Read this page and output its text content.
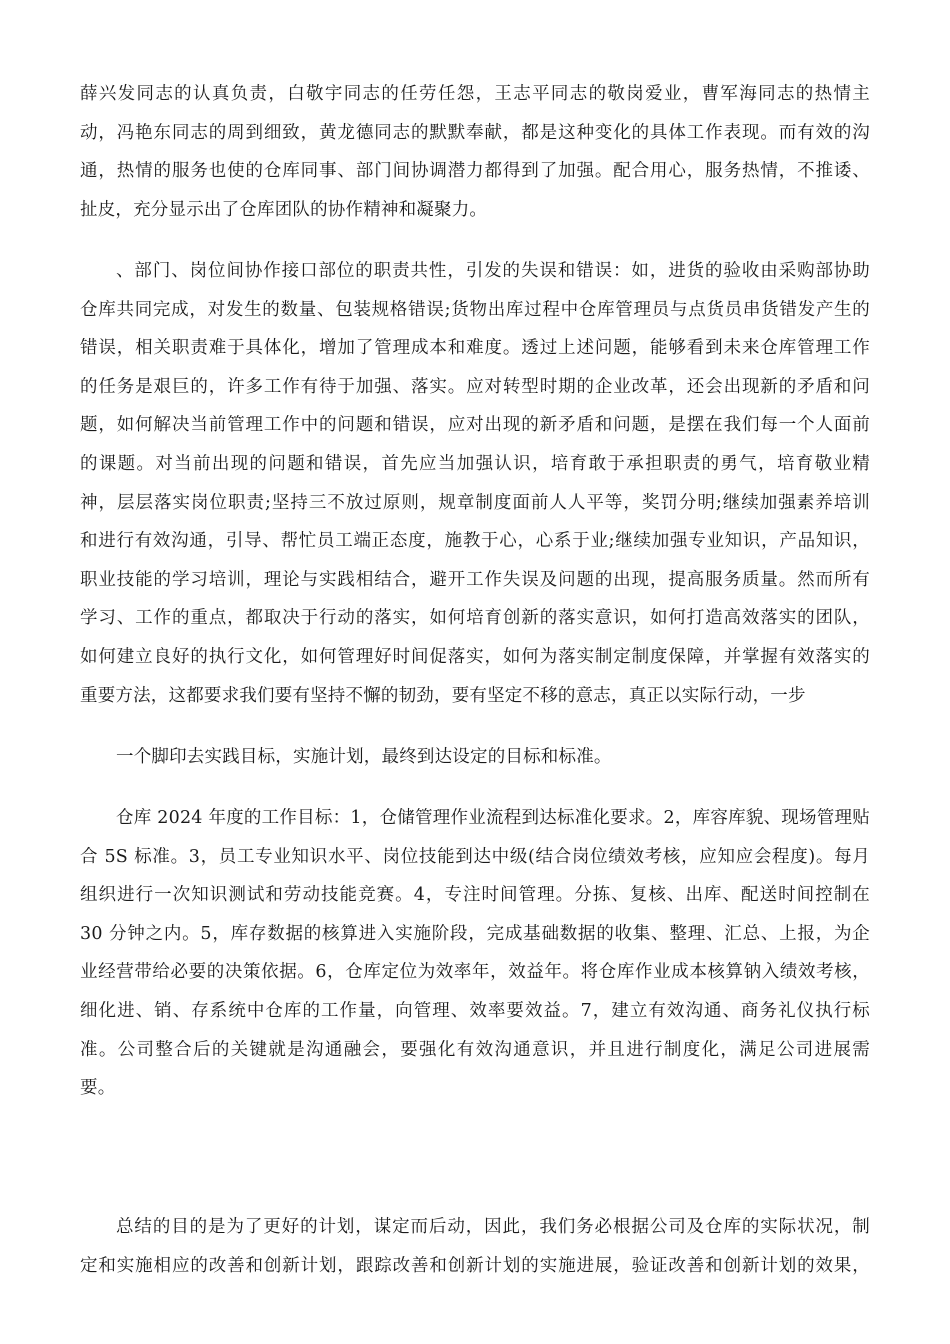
薛兴发同志的认真负责，白敬宇同志的任劳任怨，王志平同志的敬岗爱业，曹军海同志的热情主
动，冯艳东同志的周到细致，黄龙德同志的默默奉献，都是这种变化的具体工作表现。而有效的沟
通，热情的服务也使的仓库同事、部门间协调潜力都得到了加强。配合用心，服务热情，不推诿、
扯皮，充分显示出了仓库团队的协作精神和凝聚力。
、部门、岗位间协作接口部位的职责共性，引发的失误和错误：如，进货的验收由采购部协助
仓库共同完成，对发生的数量、包装规格错误;货物出库过程中仓库管理员与点货员串货错发产生的
错误，相关职责难于具体化，增加了管理成本和难度。透过上述问题，能够看到未来仓库管理工作
的任务是艰巨的，许多工作有待于加强、落实。应对转型时期的企业改革，还会出现新的矛盾和问
题，如何解决当前管理工作中的问题和错误，应对出现的新矛盾和问题，是摆在我们每一个人面前
的课题。对当前出现的问题和错误，首先应当加强认识，培育敢于承担职责的勇气，培育敬业精
神，层层落实岗位职责;坚持三不放过原则，规章制度面前人人平等，奖罚分明;继续加强素养培训
和进行有效沟通，引导、帮忙员工端正态度，施教于心，心系于业;继续加强专业知识，产品知识，
职业技能的学习培训，理论与实践相结合，避开工作失误及问题的出现，提高服务质量。然而所有
学习、工作的重点，都取决于行动的落实，如何培育创新的落实意识，如何打造高效落实的团队，
如何建立良好的执行文化，如何管理好时间促落实，如何为落实制定制度保障，并掌握有效落实的
重要方法，这都要求我们要有坚持不懈的韧劲，要有坚定不移的意志，真正以实际行动，一步
一个脚印去实践目标，实施计划，最终到达设定的目标和标准。
仓库 2024 年度的工作目标：1，仓储管理作业流程到达标准化要求。2，库容库貌、现场管理贴
合 5S 标准。3，员工专业知识水平、岗位技能到达中级(结合岗位绩效考核，应知应会程度)。每月
组织进行一次知识测试和劳动技能竞赛。4，专注时间管理。分拣、复核、出库、配送时间控制在
30 分钟之内。5，库存数据的核算进入实施阶段，完成基础数据的收集、整理、汇总、上报，为企
业经营带给必要的决策依据。6，仓库定位为效率年，效益年。将仓库作业成本核算钠入绩效考核，
细化进、销、存系统中仓库的工作量，向管理、效率要效益。7，建立有效沟通、商务礼仪执行标
准。公司整合后的关键就是沟通融会，要强化有效沟通意识，并且进行制度化，满足公司进展需
要。
总结的目的是为了更好的计划，谋定而后动，因此，我们务必根据公司及仓库的实际状况，制
定和实施相应的改善和创新计划，跟踪改善和创新计划的实施进展，验证改善和创新计划的效果，
